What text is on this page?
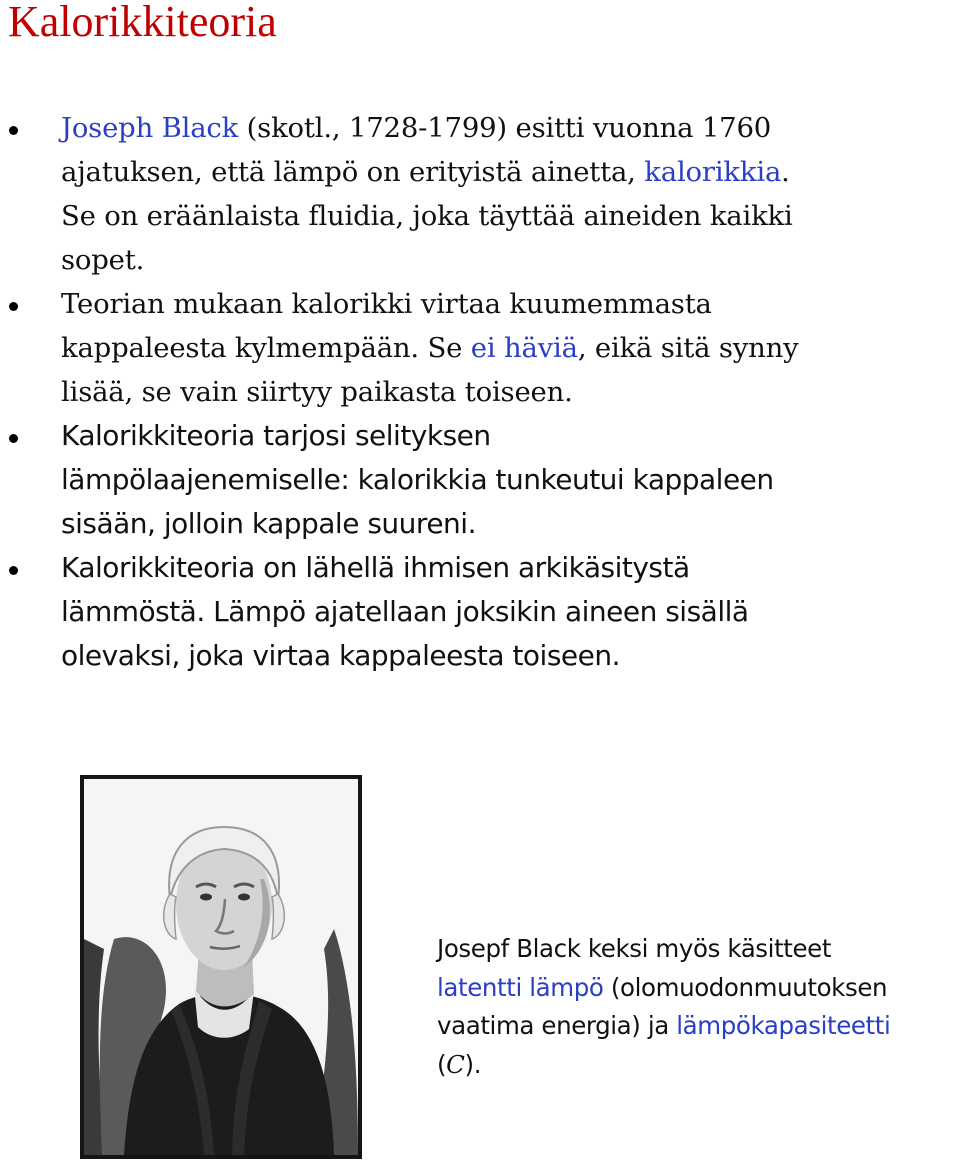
Kalorikkiteoria
Joseph Black (skotl., 1728-1799) esitti vuonna 1760
ajatuksen, että lämpö on erityistä ainetta, kalorikkia.
Se on eräänlaista fluidia, joka täyttää aineiden kaikki
sopet.
Teorian mukaan kalorikki virtaa kuumemmasta
kappaleesta kylmempään. Se ei häviä, eikä sitä synny
lisää, se vain siirtyy paikasta toiseen.
Kalorikkiteoria tarjosi selityksen
lämpölaajenemiselle: kalorikkia tunkeutui kappaleen
sisään, jolloin kappale suureni.
Kalorikkiteoria on lähellä ihmisen arkikäsitystä
lämmöstä. Lämpö ajatellaan joksikin aineen sisällä
olevaksi, joka virtaa kappaleesta toiseen.
Josepf Black keksi myös käsitteet
latentti lämpö (olomuodonmuutoksen
vaatima energia) ja lämpökapasiteetti
(C).
